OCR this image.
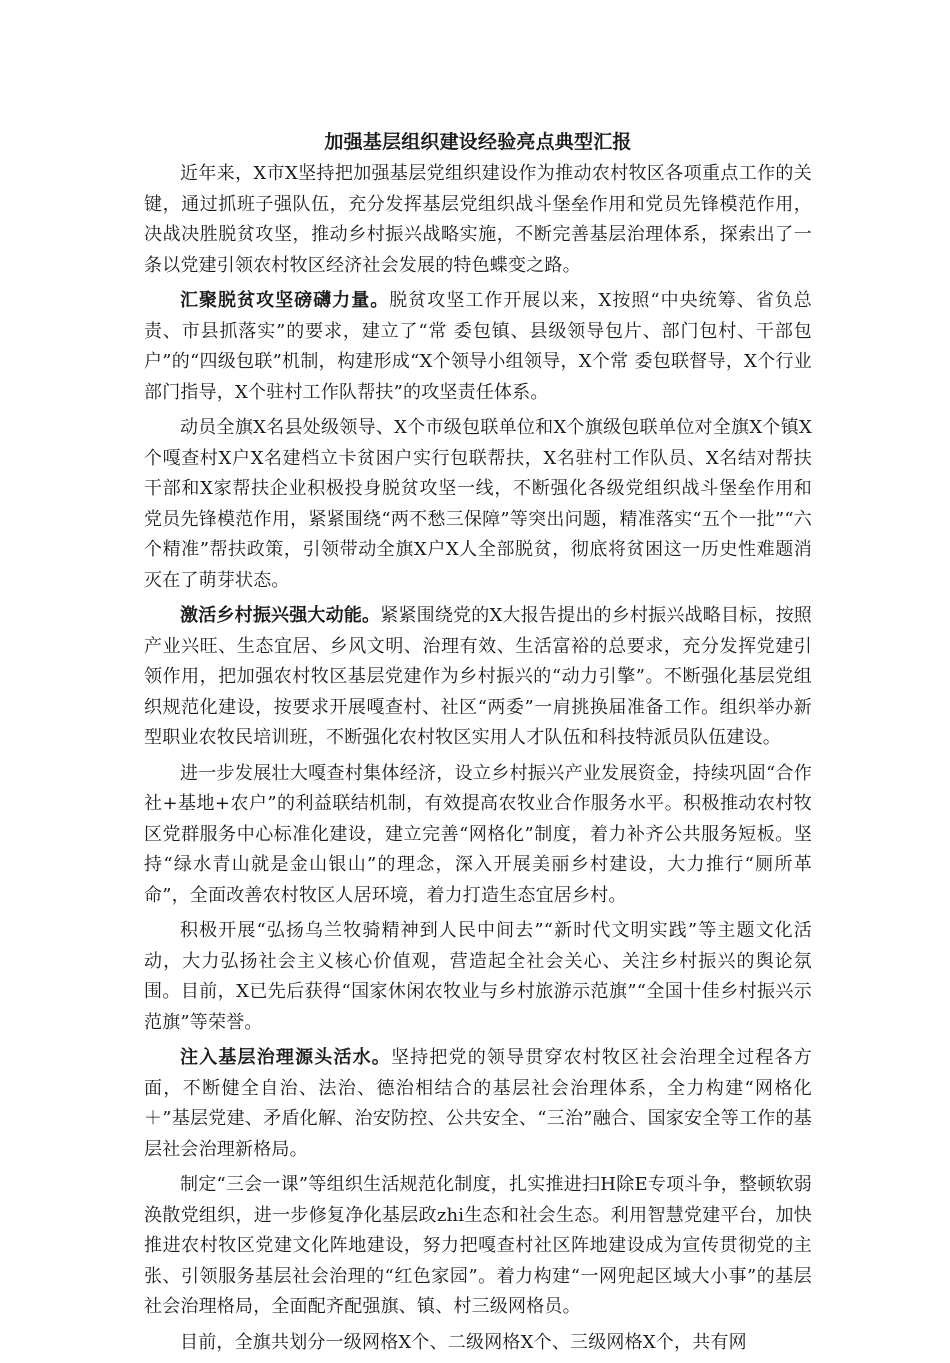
加强基层组织建设经验亮点典型汇报

近年来，X市X坚持把加强基层党组织建设作为推动农村牧区各项重点工作的关键，通过抓班子强队伍，充分发挥基层党组织战斗堡垒作用和党员先锋模范作用，决战决胜脱贫攻坚，推动乡村振兴战略实施，不断完善基层治理体系，探索出了一条以党建引领农村牧区经济社会发展的特色蝶变之路。

汇聚脱贫攻坚磅礴力量。脱贫攻坚工作开展以来，X按照“中央统筹、省负总责、市县抓落实”的要求，建立了“常 委包镇、县级领导包片、部门包村、干部包户”的“四级包联”机制，构建形成“X个领导小组领导，X个常 委包联督导，X个行业部门指导，X个驻村工作队帮扶”的攻坚责任体系。

动员全旗X名县处级领导、X个市级包联单位和X个旗级包联单位对全旗X个镇X个嘎查村X户X名建档立卡贫困户实行包联帮扶，X名驻村工作队员、X名结对帮扶干部和X家帮扶企业积极投身脱贫攻坚一线，不断强化各级党组织战斗堡垒作用和党员先锋模范作用，紧紧围绕“两不愁三保障”等突出问题，精准落实“五个一批”“六个精准”帮扶政策，引领带动全旗X户X人全部脱贫，彻底将贫困这一历史性难题消灭在了萌芽状态。

激活乡村振兴强大动能。紧紧围绕党的X大报告提出的乡村振兴战略目标，按照产业兴旺、生态宜居、乡风文明、治理有效、生活富裕的总要求，充分发挥党建引领作用，把加强农村牧区基层党建作为乡村振兴的“动力引擎”。不断强化基层党组织规范化建设，按要求开展嘎查村、社区“两委”一肩挑换届准备工作。组织举办新型职业农牧民培训班，不断强化农村牧区实用人才队伍和科技特派员队伍建设。

进一步发展壮大嘎查村集体经济，设立乡村振兴产业发展资金，持续巩固“合作社+基地+农户”的利益联结机制，有效提高农牧业合作服务水平。积极推动农村牧区党群服务中心标准化建设，建立完善“网格化”制度，着力补齐公共服务短板。坚持“绿水青山就是金山银山”的理念，深入开展美丽乡村建设，大力推行“厕所革命”，全面改善农村牧区人居环境，着力打造生态宜居乡村。

积极开展“弘扬乌兰牧骑精神到人民中间去”“新时代文明实践”等主题文化活动，大力弘扬社会主义核心价值观，营造起全社会关心、关注乡村振兴的舆论氛围。目前，X已先后获得“国家休闲农牧业与乡村旅游示范旗”“全国十佳乡村振兴示范旗”等荣誉。

注入基层治理源头活水。坚持把党的领导贯穿农村牧区社会治理全过程各方面，不断健全自治、法治、德治相结合的基层社会治理体系，全力构建“网格化＋”基层党建、矛盾化解、治安防控、公共安全、“三治”融合、国家安全等工作的基层社会治理新格局。

制定“三会一课”等组织生活规范化制度，扎实推进扫H除E专项斗争，整顿软弱涣散党组织，进一步修复净化基层政zhi生态和社会生态。利用智慧党建平台，加快推进农村牧区党建文化阵地建设，努力把嘎查村社区阵地建设成为宣传贯彻党的主张、引领服务基层社会治理的“红色家园”。着力构建“一网兜起区域大小事”的基层社会治理格局，全面配齐配强旗、镇、村三级网格员。

目前，全旗共划分一级网格X个、二级网格X个、三级网格X个，共有网
